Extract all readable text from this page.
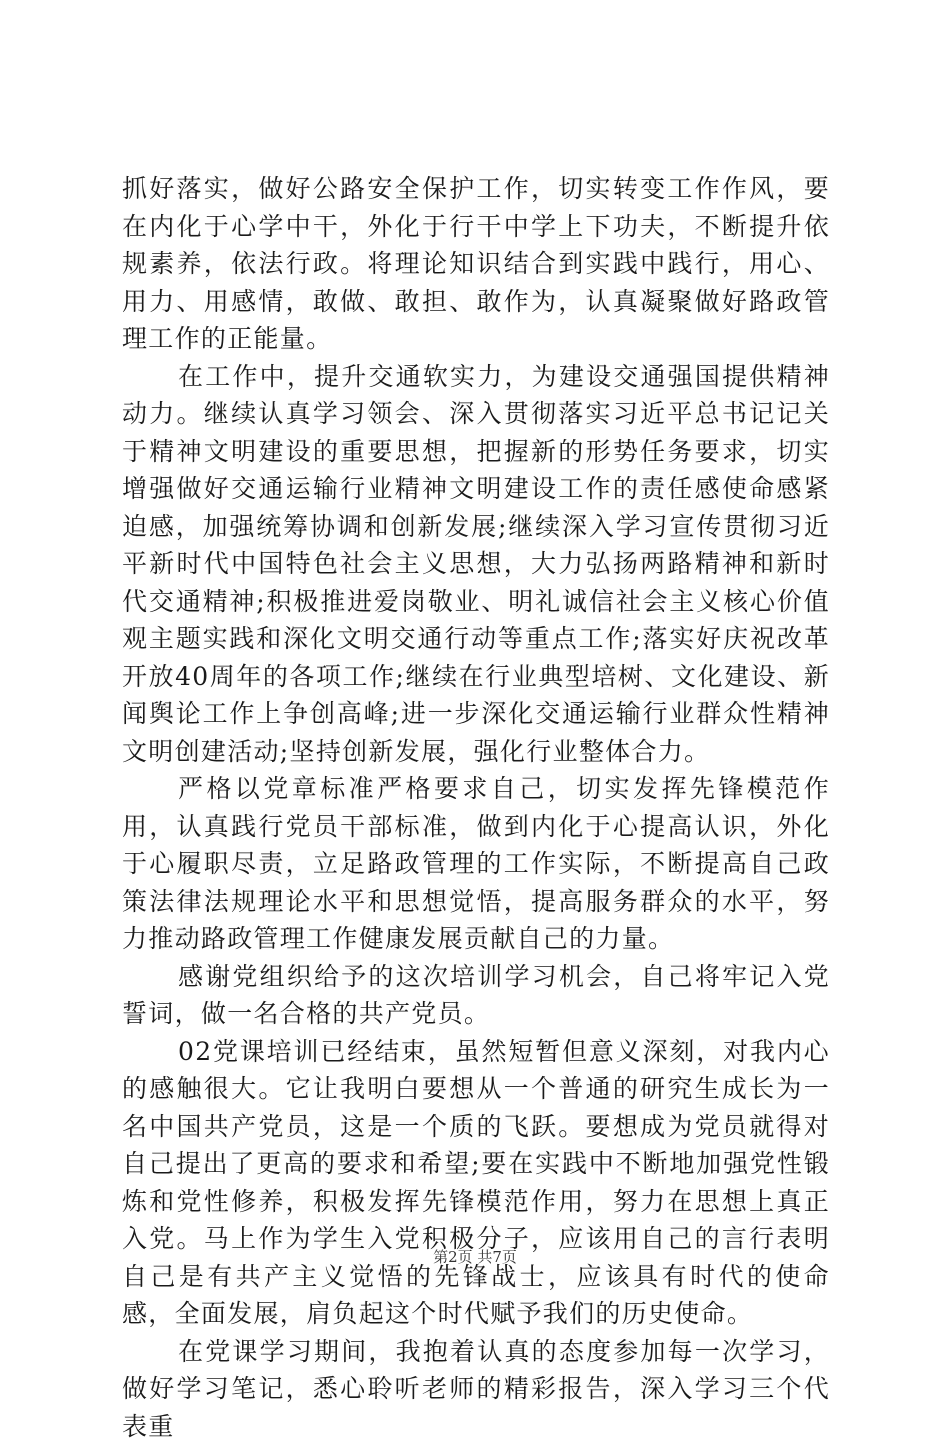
抓好落实，做好公路安全保护工作，切实转变工作作风，要在内化于心学中干，外化于行干中学上下功夫，不断提升依规素养，依法行政。将理论知识结合到实践中践行，用心、用力、用感情，敢做、敢担、敢作为，认真凝聚做好路政管理工作的正能量。

在工作中，提升交通软实力，为建设交通强国提供精神动力。继续认真学习领会、深入贯彻落实习近平总书记记关于精神文明建设的重要思想，把握新的形势任务要求，切实增强做好交通运输行业精神文明建设工作的责任感使命感紧迫感，加强统筹协调和创新发展;继续深入学习宣传贯彻习近平新时代中国特色社会主义思想，大力弘扬两路精神和新时代交通精神;积极推进爱岗敬业、明礼诚信社会主义核心价值观主题实践和深化文明交通行动等重点工作;落实好庆祝改革开放40周年的各项工作;继续在行业典型培树、文化建设、新闻舆论工作上争创高峰;进一步深化交通运输行业群众性精神文明创建活动;坚持创新发展，强化行业整体合力。

严格以党章标准严格要求自己，切实发挥先锋模范作用，认真践行党员干部标准，做到内化于心提高认识，外化于心履职尽责，立足路政管理的工作实际，不断提高自己政策法律法规理论水平和思想觉悟，提高服务群众的水平，努力推动路政管理工作健康发展贡献自己的力量。

感谢党组织给予的这次培训学习机会，自己将牢记入党誓词，做一名合格的共产党员。

02党课培训已经结束，虽然短暂但意义深刻，对我内心的感触很大。它让我明白要想从一个普通的研究生成长为一名中国共产党员，这是一个质的飞跃。要想成为党员就得对自己提出了更高的要求和希望;要在实践中不断地加强党性锻炼和党性修养，积极发挥先锋模范作用，努力在思想上真正入党。马上作为学生入党积极分子，应该用自己的言行表明自己是有共产主义觉悟的先锋战士，应该具有时代的使命感，全面发展，肩负起这个时代赋予我们的历史使命。

在党课学习期间，我抱着认真的态度参加每一次学习，做好学习笔记，悉心聆听老师的精彩报告，深入学习三个代表重

第2页 共7页
